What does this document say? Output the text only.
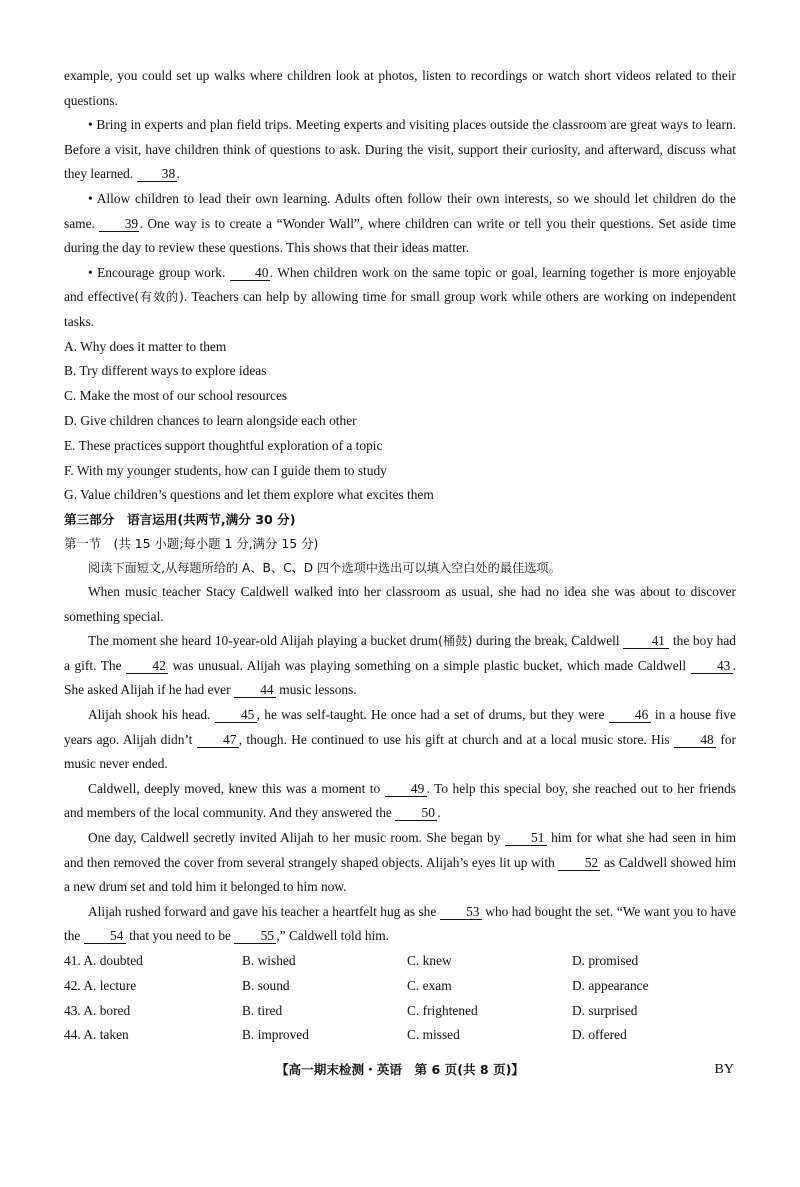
example, you could set up walks where children look at photos, listen to recordings or watch short videos related to their questions.

• Bring in experts and plan field trips. Meeting experts and visiting places outside the classroom are great ways to learn. Before a visit, have children think of questions to ask. During the visit, support their curiosity, and afterward, discuss what they learned. 38.

• Allow children to lead their own learning. Adults often follow their own interests, so we should let children do the same. 39. One way is to create a “Wonder Wall”, where children can write or tell you their questions. Set aside time during the day to review these questions. This shows that their ideas matter.

• Encourage group work. 40. When children work on the same topic or goal, learning together is more enjoyable and effective(有效的). Teachers can help by allowing time for small group work while others are working on independent tasks.

A. Why does it matter to them
B. Try different ways to explore ideas
C. Make the most of our school resources
D. Give children chances to learn alongside each other
E. These practices support thoughtful exploration of a topic
F. With my younger students, how can I guide them to study
G. Value children’s questions and let them explore what excites them
第三部分　语言运用(共两节,满分 30 分)
第一节　(共 15 小题;每小题 1 分,满分 15 分)
阅读下面短文,从每题所给的 A、B、C、D 四个选项中选出可以填入空白处的最佳选项。

When music teacher Stacy Caldwell walked into her classroom as usual, she had no idea she was about to discover something special.

The moment she heard 10-year-old Alijah playing a bucket drum(桶鼓) during the break, Caldwell 41 the boy had a gift. The 42 was unusual. Alijah was playing something on a simple plastic bucket, which made Caldwell 43 . She asked Alijah if he had ever 44 music lessons.

Alijah shook his head. 45 , he was self-taught. He once had a set of drums, but they were 46 in a house five years ago. Alijah didn’t 47 , though. He continued to use his gift at church and at a local music store. His 48 for music never ended.

Caldwell, deeply moved, knew this was a moment to 49 . To help this special boy, she reached out to her friends and members of the local community. And they answered the 50 .

One day, Caldwell secretly invited Alijah to her music room. She began by 51 him for what she had seen in him and then removed the cover from several strangely shaped objects. Alijah’s eyes lit up with 52 as Caldwell showed him a new drum set and told him it belonged to him now.

Alijah rushed forward and gave his teacher a heartfelt hug as she 53 who had bought the set. “We want you to have the 54 that you need to be 55 ,” Caldwell told him.

41. A. doubted	B. wished	C. knew	D. promised
42. A. lecture	B. sound	C. exam	D. appearance
43. A. bored	B. tired	C. frightened	D. surprised
44. A. taken	B. improved	C. missed	D. offered
【高一期末检测・英语　第 6 页(共 8 页)】	BY
